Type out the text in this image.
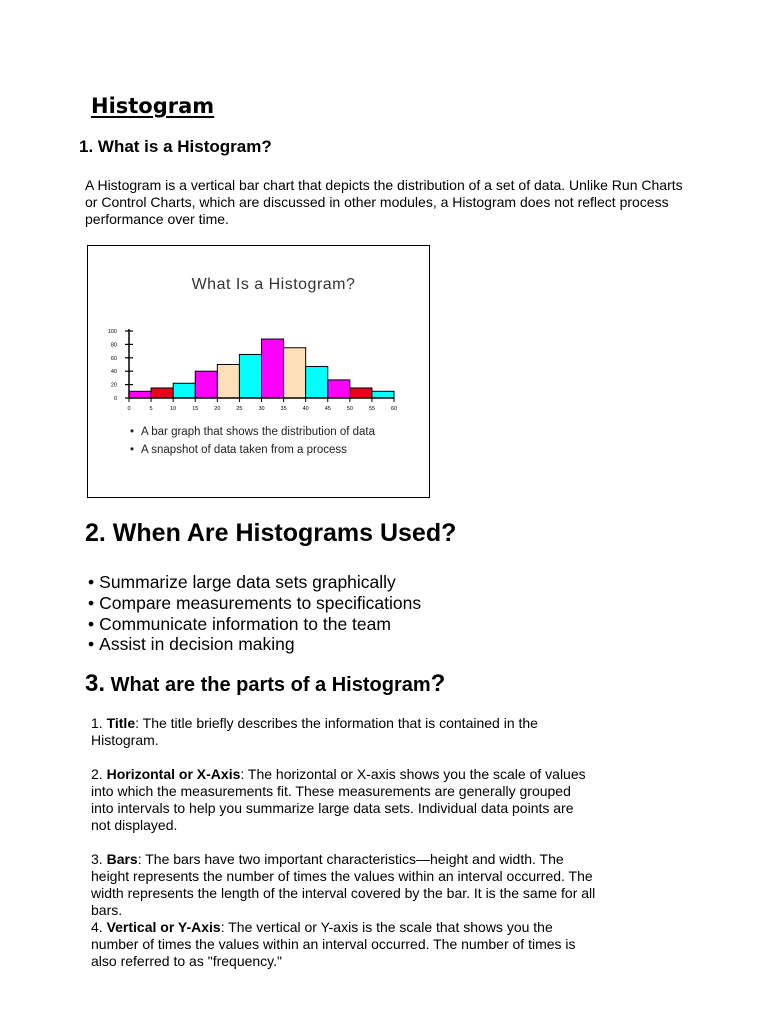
Histogram
1. What is a Histogram?

A Histogram is a vertical bar chart that depicts the distribution of a set of data. Unlike Run Charts or Control Charts, which are discussed in other modules, a Histogram does not reflect process performance over time.

What Is a Histogram?
0
20
40
60
80
100
0	5	10	15	20	25	30	35	40	45	50	55	60
• A bar graph that shows the distribution of data
• A snapshot of data taken from a process
2. When Are Histograms Used?
• Summarize large data sets graphically
• Compare measurements to specifications
• Communicate information to the team
• Assist in decision making
3. What are the parts of a Histogram?

1. Title: The title briefly describes the information that is contained in the Histogram.

2. Horizontal or X-Axis: The horizontal or X-axis shows you the scale of values into which the measurements fit. These measurements are generally grouped into intervals to help you summarize large data sets. Individual data points are not displayed.

3. Bars: The bars have two important characteristics—height and width. The height represents the number of times the values within an interval occurred. The width represents the length of the interval covered by the bar. It is the same for all bars.

4. Vertical or Y-Axis: The vertical or Y-axis is the scale that shows you the number of times the values within an interval occurred. The number of times is also referred to as "frequency."
